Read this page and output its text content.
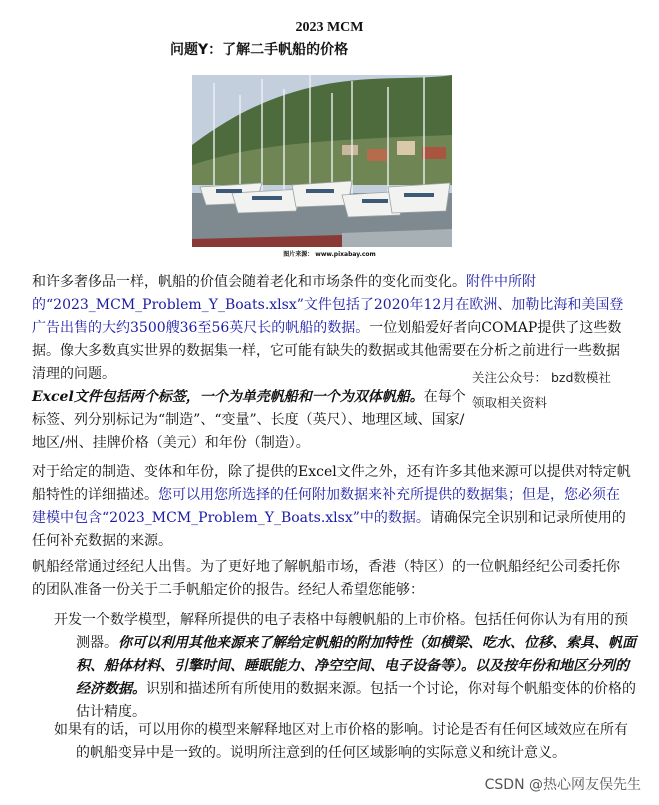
2023 MCM
问题Y：了解二手帆船的价格
图片来源： www.pixabay.com

和许多奢侈品一样，帆船的价值会随着老化和市场条件的变化而变化。附件中所附的“2023_MCM_Problem_Y_Boats.xlsx”文件包括了2020年12月在欧洲、加勒比海和美国登广告出售的大约3500艘36至56英尺长的帆船的数据。一位划船爱好者向COMAP提供了这些数据。像大多数真实世界的数据集一样，它可能有缺失的数据或其他需要在分析之前进行一些数据清理的问题。	关注公众号： bzd数模社
领取相关资料

Excel文件包括两个标签，一个为单壳帆船和一个为双体帆船。在每个标签、列分别标记为“制造”、“变量”、长度（英尺）、地理区域、国家/地区/州、挂牌价格（美元）和年份（制造）。

对于给定的制造、变体和年份，除了提供的Excel文件之外，还有许多其他来源可以提供对特定帆船特性的详细描述。您可以用您所选择的任何附加数据来补充所提供的数据集；但是，您必须在建模中包含“2023_MCM_Problem_Y_Boats.xlsx”中的数据。请确保完全识别和记录所使用的任何补充数据的来源。

帆船经常通过经纪人出售。为了更好地了解帆船市场，香港（特区）的一位帆船经纪公司委托你的团队准备一份关于二手帆船定价的报告。经纪人希望您能够：

开发一个数学模型，解释所提供的电子表格中每艘帆船的上市价格。包括任何你认为有用的预测器。你可以利用其他来源来了解给定帆船的附加特性（如横梁、吃水、位移、索具、帆面积、船体材料、引擎时间、睡眠能力、净空空间、电子设备等）。以及按年份和地区分列的经济数据。识别和描述所有所使用的数据来源。包括一个讨论，你对每个帆船变体的价格的估计精度。

如果有的话，可以用你的模型来解释地区对上市价格的影响。讨论是否有任何区域效应在所有的帆船变异中是一致的。说明所注意到的任何区域影响的实际意义和统计意义。

CSDN @热心网友俣先生
